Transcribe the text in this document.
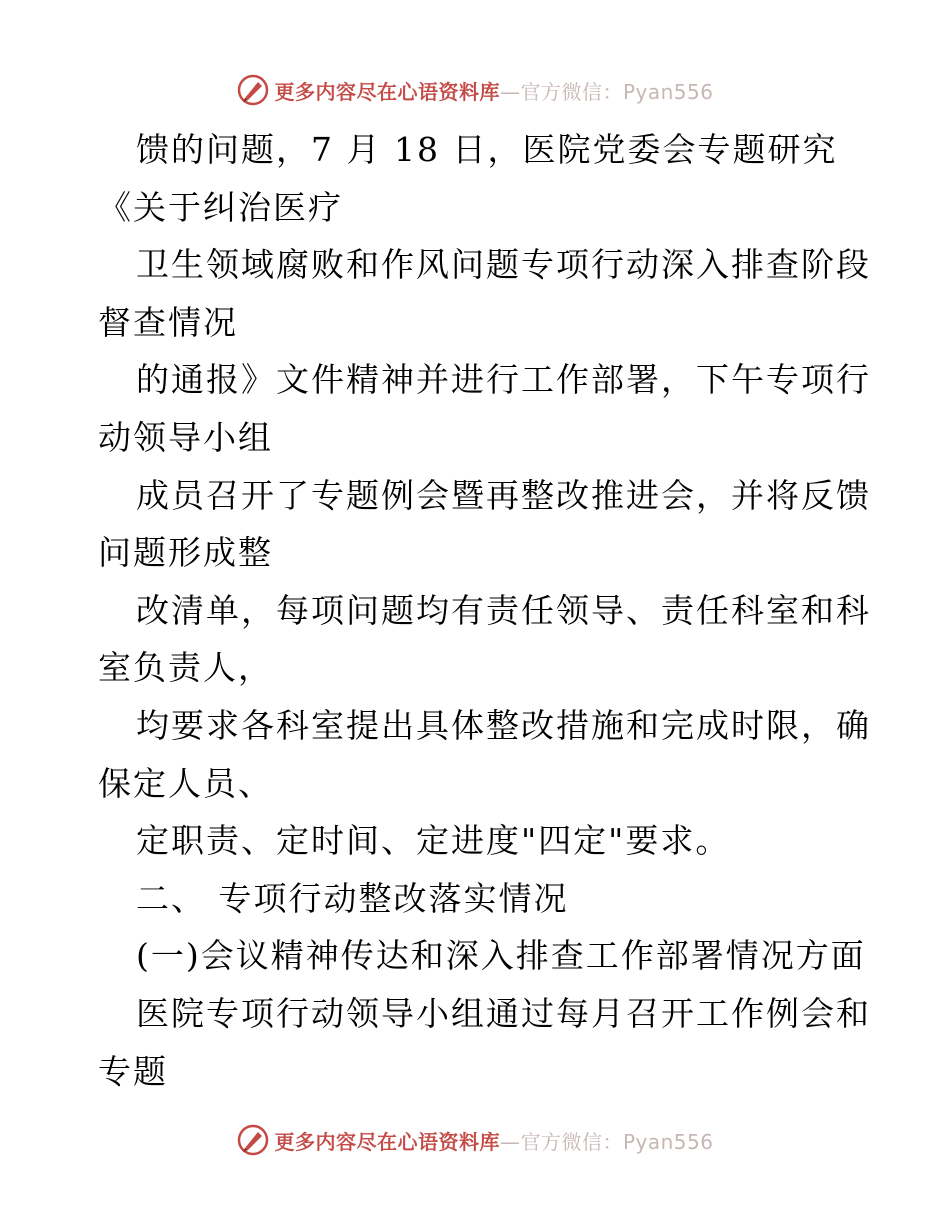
更多内容尽在心语资料库—官方微信：Pyan556
馈的问题，7 月 18 日，医院党委会专题研究
《关于纠治医疗
卫生领域腐败和作风问题专项行动深入排查阶段
督查情况
的通报》文件精神并进行工作部署，下午专项行
动领导小组
成员召开了专题例会暨再整改推进会，并将反馈
问题形成整
改清单，每项问题均有责任领导、责任科室和科
室负责人，
均要求各科室提出具体整改措施和完成时限，确
保定人员、
定职责、定时间、定进度"四定"要求。
二、 专项行动整改落实情况
(一)会议精神传达和深入排查工作部署情况方面
医院专项行动领导小组通过每月召开工作例会和
专题
更多内容尽在心语资料库—官方微信：Pyan556
